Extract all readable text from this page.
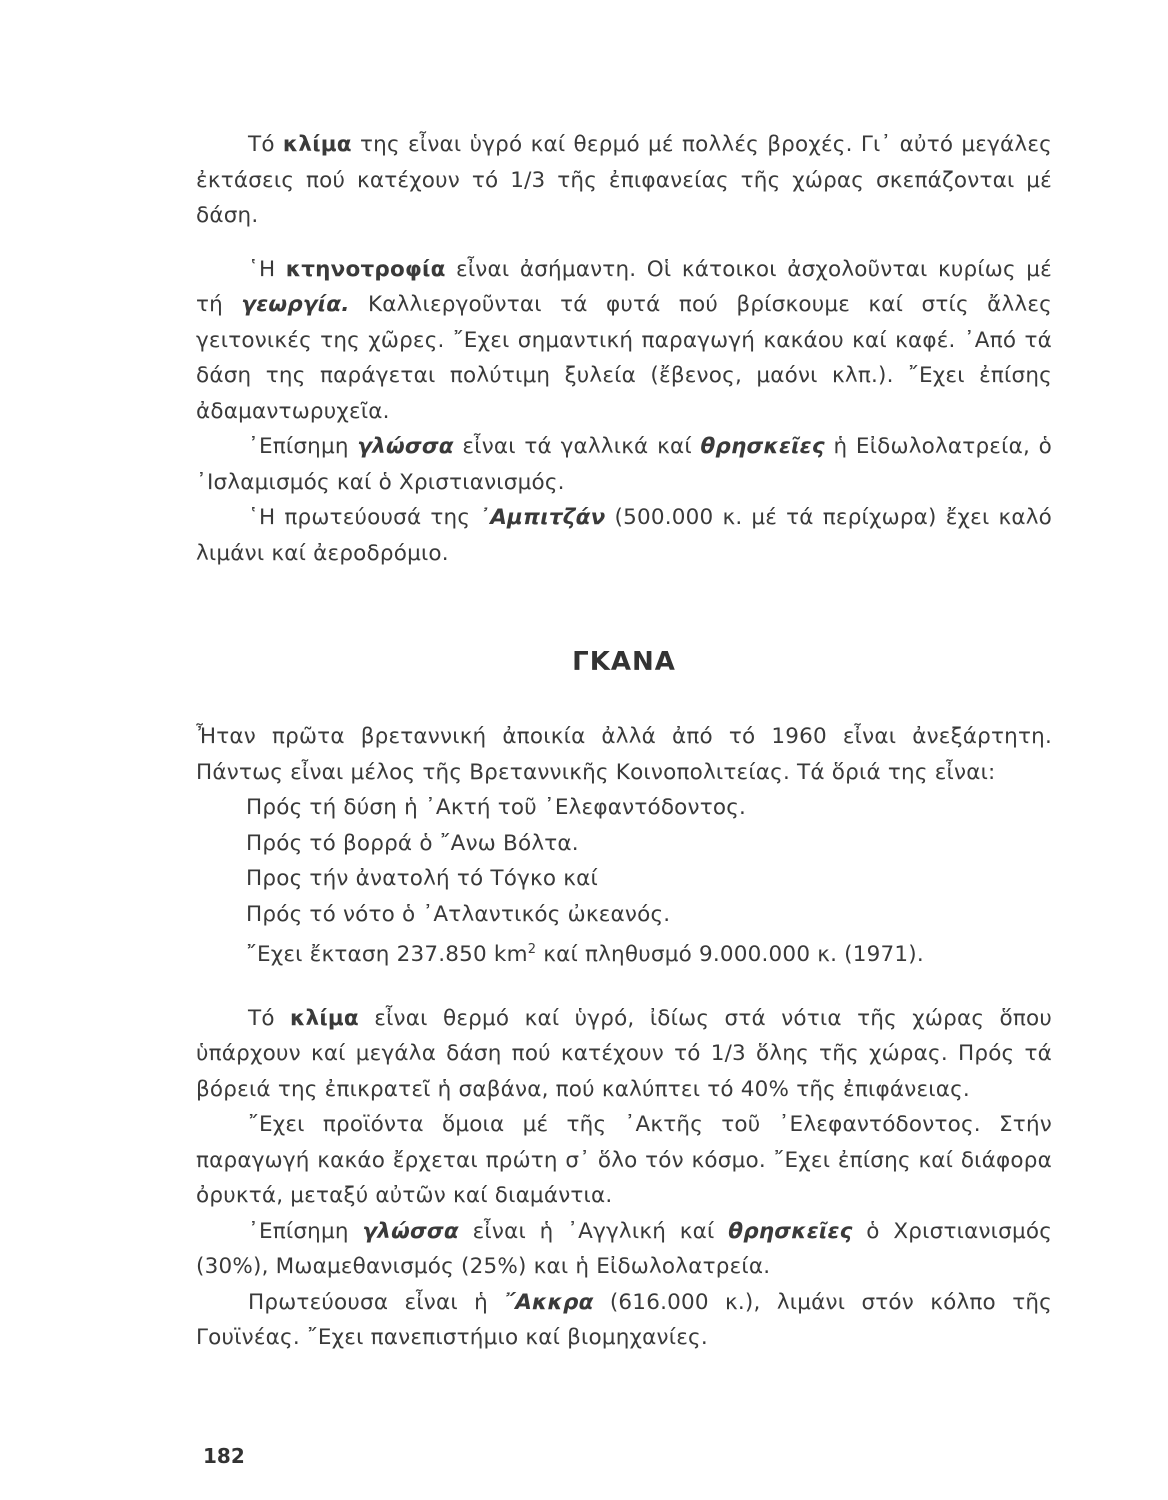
Τό κλίμα της εἶναι ὑγρό καί θερμό μέ πολλές βροχές. Γι᾿ αὐτό μεγάλες ἐκτάσεις πού κατέχουν τό 1/3 τῆς ἐπιφανείας τῆς χώρας σκεπάζονται μέ δάση.

῾Η κτηνοτροφία εἶναι ἀσήμαντη. Οἱ κάτοικοι ἀσχολοῦνται κυρίως μέ τή γεωργία. Καλλιεργοῦνται τά φυτά πού βρίσκουμε καί στίς ἄλλες γειτονικές της χῶρες. ῎Εχει σημαντική παραγωγή κακάου καί καφέ. ᾿Από τά δάση της παράγεται πολύτιμη ξυλεία (ἔβενος, μαόνι κλπ.). ῎Εχει ἐπίσης ἀδαμαντωρυχεῖα.

᾿Επίσημη γλώσσα εἶναι τά γαλλικά καί θρησκεῖες ἡ Εἰδωλολατρεία, ὁ ᾿Ισλαμισμός καί ὁ Χριστιανισμός.

῾Η πρωτεύουσά της ᾿Αμπιτζάν (500.000 κ. μέ τά περίχωρα) ἔχει καλό λιμάνι καί ἀεροδρόμιο.

ΓΚΑΝΑ

Ἦταν πρῶτα βρεταννική ἀποικία ἀλλά ἀπό τό 1960 εἶναι ἀνεξάρτητη. Πάντως εἶναι μέλος τῆς Βρεταννικῆς Κοινοπολιτείας. Τά ὅριά της εἶναι:

Πρός τή δύση ἡ ᾿Ακτή τοῦ ᾿Ελεφαντόδοντος.

Πρός τό βορρά ὁ ῎Ανω Βόλτα.

Προς τήν ἀνατολή τό Τόγκο καί

Πρός τό νότο ὁ ᾿Ατλαντικός ὠκεανός.

῎Εχει ἔκταση 237.850 $km^2$ καί πληθυσμό 9.000.000 κ. (1971).

Τό κλίμα εἶναι θερμό καί ὑγρό, ἰδίως στά νότια τῆς χώρας ὅπου ὑπάρχουν καί μεγάλα δάση πού κατέχουν τό 1/3 ὅλης τῆς χώρας. Πρός τά βόρειά της ἐπικρατεῖ ἡ σαβάνα, πού καλύπτει τό 40% τῆς ἐπιφάνειας.

῎Εχει προϊόντα ὅμοια μέ τῆς ᾿Ακτῆς τοῦ ᾿Ελεφαντόδοντος. Στήν παραγωγή κακάο ἔρχεται πρώτη σ᾿ ὅλο τόν κόσμο. ῎Εχει ἐπίσης καί διάφορα ὀρυκτά, μεταξύ αὐτῶν καί διαμάντια.

᾿Επίσημη γλώσσα εἶναι ἡ ᾿Αγγλική καί θρησκεῖες ὁ Χριστιανισμός (30%), Μωαμεθανισμός (25%) και ἡ Εἰδωλολατρεία.

Πρωτεύουσα εἶναι ἡ ῎Ακκρα (616.000 κ.), λιμάνι στόν κόλπο τῆς Γουϊνέας. ῎Εχει πανεπιστήμιο καί βιομηχανίες.

182
